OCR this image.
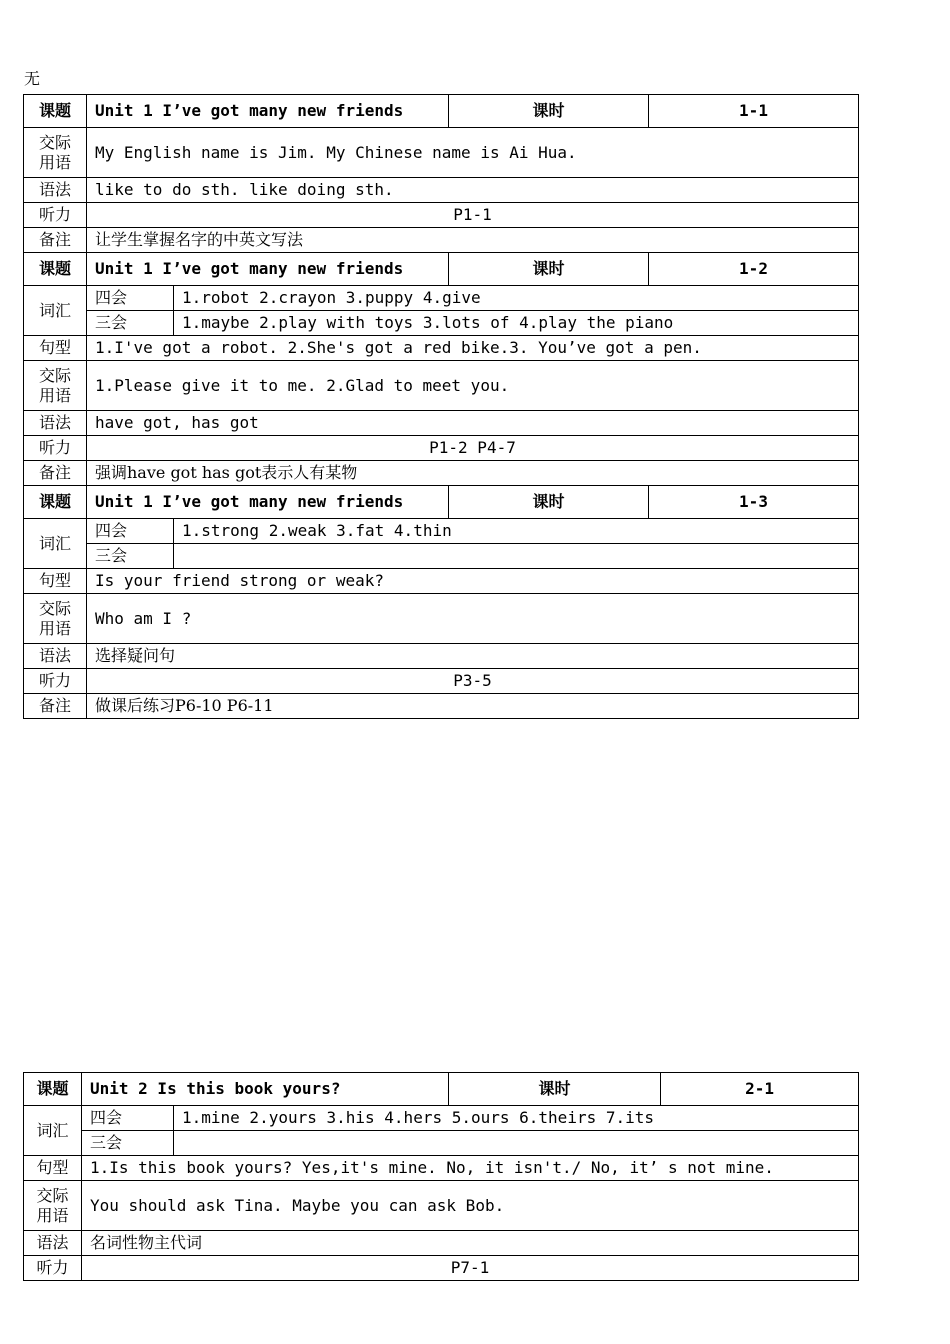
无
课题	Unit 1 I’ve got many new friends		课时	1-1
交际
用语	My English name is Jim. My Chinese name is Ai Hua.			
语法	like to do sth. like doing sth.			
听力	P1-1			
备注	让学生掌握名字的中英文写法			
课题	Unit 1 I’ve got many new friends		课时	1-2
词汇	四会	1.robot 2.crayon 3.puppy 4.give		
	三会	1.maybe 2.play with toys 3.lots of 4.play the piano		
句型	1.I've got a robot. 2.She's got a red bike.3. You’ve got a pen.			
交际
用语	1.Please give it to me. 2.Glad to meet you.			
语法	have got, has got			
听力	P1-2 P4-7			
备注	强调have got has got表示人有某物			
课题	Unit 1 I’ve got many new friends		课时	1-3
词汇	四会	1.strong 2.weak 3.fat 4.thin		
	三会			
句型	Is your friend strong or weak?			
交际
用语	Who am I ?			
语法	选择疑问句			
听力	P3-5			
备注	做课后练习P6-10 P6-11			
课题	Unit 2 Is this book yours?		课时	2-1
词汇	四会	1.mine 2.yours 3.his 4.hers 5.ours 6.theirs 7.its		
	三会			
句型	1.Is this book yours? Yes,it's mine. No, it isn't./ No, it’ s not mine.			
交际
用语	You should ask Tina. Maybe you can ask Bob.			
语法	名词性物主代词			
听力	P7-1			
